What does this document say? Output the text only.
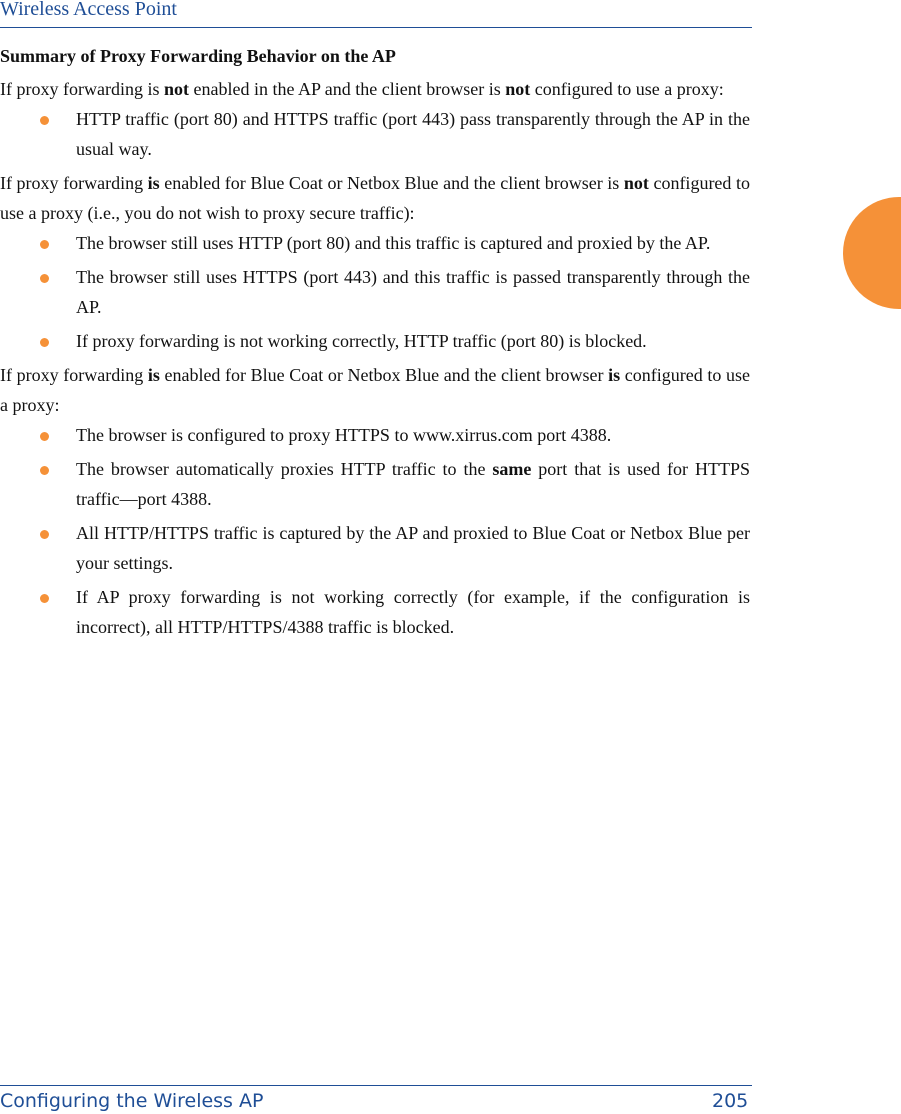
Wireless Access Point
Summary of Proxy Forwarding Behavior on the AP

If proxy forwarding is not enabled in the AP and the client browser is not configured to use a proxy:

HTTP traffic (port 80) and HTTPS traffic (port 443) pass transparently through the AP in the usual way.

If proxy forwarding is enabled for Blue Coat or Netbox Blue and the client browser is not configured to use a proxy (i.e., you do not wish to proxy secure traffic):

The browser still uses HTTP (port 80) and this traffic is captured and proxied by the AP.
The browser still uses HTTPS (port 443) and this traffic is passed transparently through the AP.
If proxy forwarding is not working correctly, HTTP traffic (port 80) is blocked.

If proxy forwarding is enabled for Blue Coat or Netbox Blue and the client browser is configured to use a proxy:

The browser is configured to proxy HTTPS to www.xirrus.com port 4388.
The browser automatically proxies HTTP traffic to the same port that is used for HTTPS traffic—port 4388.
All HTTP/HTTPS traffic is captured by the AP and proxied to Blue Coat or Netbox Blue per your settings.
If AP proxy forwarding is not working correctly (for example, if the configuration is incorrect), all HTTP/HTTPS/4388 traffic is blocked.
Configuring the Wireless AP	205
